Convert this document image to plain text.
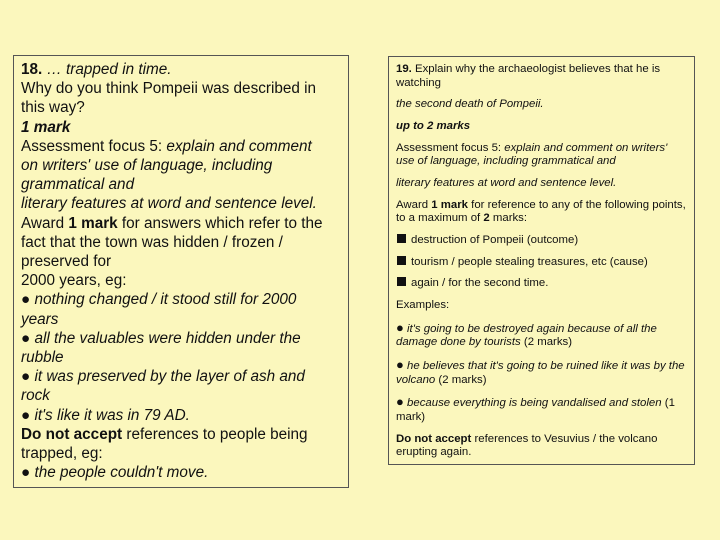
18. … trapped in time.
Why do you think Pompeii was described in
this way?
1 mark
Assessment focus 5: explain and comment
on writers' use of language, including
grammatical and
literary features at word and sentence level.
Award 1 mark for answers which refer to the
fact that the town was hidden / frozen /
preserved for
2000 years, eg:
● nothing changed / it stood still for 2000
years
● all the valuables were hidden under the
rubble
● it was preserved by the layer of ash and
rock
● it's like it was in 79 AD.
Do not accept references to people being
trapped, eg:
● the people couldn't move.
19. Explain why the archaeologist believes that he is watching
the second death of Pompeii.
up to 2 marks
Assessment focus 5: explain and comment on writers' use of language, including grammatical and
literary features at word and sentence level.
Award 1 mark for reference to any of the following points, to a maximum of 2 marks:
destruction of Pompeii (outcome)
tourism / people stealing treasures, etc (cause)
again / for the second time.
Examples:
● it's going to be destroyed again because of all the damage done by tourists (2 marks)
● he believes that it's going to be ruined like it was by the volcano (2 marks)
● because everything is being vandalised and stolen (1 mark)
Do not accept references to Vesuvius / the volcano erupting again.
